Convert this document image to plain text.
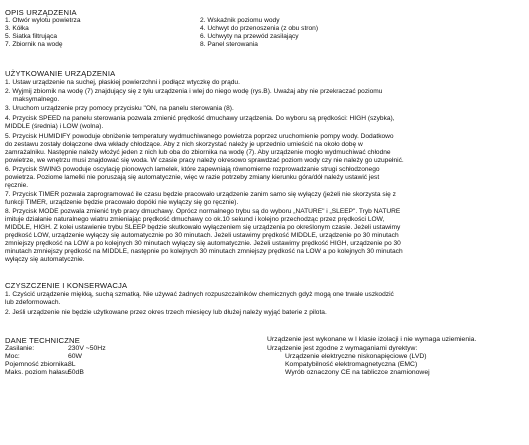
OPIS URZĄDZENIA
1. Otwór wylotu powietrza
3. Kółka
5. Siatka filtrująca
7. Zbiornik na wodę
2. Wskaźnik poziomu wody
4. Uchwyt do przenoszenia (z obu stron)
6. Uchwyty na przewód zasilający
8. Panel sterowania
UŻYTKOWANIE URZĄDZENIA
1. Ustaw urządzenie na suchej, płaskiej powierzchni i podłącz wtyczkę do prądu.
2. Wyjmij zbiornik na wodę (7) znajdujący się z tyłu urządzenia i wlej do niego wodę (rys.B). Uważaj aby nie przekraczać poziomu
maksymalnego.
3. Uruchom urządzenie przy pomocy przycisku "ON, na panelu sterowania (8).
4. Przycisk SPEED na panelu sterowania pozwala zmienić prędkość dmuchawy urządzenia. Do wyboru są prędkości: HIGH (szybka),
MIDDLE (średnia) i LOW (wolna).
5. Przycisk HUMIDIFY powoduje obniżenie temperatury wydmuchiwanego powietrza poprzez uruchomienie pompy wody. Dodatkowo
do zestawu zostały dołączone dwa wkłady chłodzące. Aby z nich skorzystać należy je uprzednio umieścić na około dobę w
zamrażalniku. Następnie należy włożyć jeden z nich lub oba do zbiornika na wodę (7). Aby urządzenie mogło wydmuchiwać chłodne
powietrze, we wnętrzu musi znajdować się woda. W czasie pracy należy okresowo sprawdzać poziom wody czy nie należy go uzupełnić.
6. Przycisk SWING powoduje oscylację pionowych lamelek, które zapewniają równomierne rozprowadzanie strugi schłodzonego
powietrza. Poziome lamelki nie poruszają się automatycznie, więc w razie potrzeby zmiany kierunku góra/dół należy ustawić jest
ręcznie.
7. Przycisk TIMER pozwala zaprogramować ile czasu będzie pracowało urządzenie zanim samo się wyłączy (jeżeli nie skorzysta się z
funkcji TIMER, urządzenie będzie pracowało dopóki nie wyłączy się go ręcznie).
8. Przycisk MODE pozwala zmienić tryb pracy dmuchawy. Oprócz normalnego trybu są do wyboru „NATURE" i „SLEEP". Tryb NATURE
imituje działanie naturalnego wiatru zmieniając prędkość dmuchawy co ok.10 sekund i kolejno przechodząc przez prędkości LOW,
MIDDLE, HIGH. Z kolei ustawienie trybu SLEEP będzie skutkowało wyłączeniem się urządzenia po określonym czasie. Jeżeli ustawimy
prędkość LOW, urządzenie wyłączy się automatycznie po 30 minutach. Jeżeli ustawimy prędkość MIDDLE, urządzenie po 30 minutach
zmniejszy prędkość na LOW a po kolejnych 30 minutach wyłączy się automatycznie. Jeżeli ustawimy prędkość HIGH, urządzenie po 30
minutach zmniejszy prędkość na MIDDLE, następnie po kolejnych 30 minutach zmniejszy prędkość na LOW a po kolejnych 30 minutach
wyłączy się automatycznie.
CZYSZCZENIE I KONSERWACJA
1. Czyścić urządzenie miękką, suchą szmatką. Nie używać żadnych rozpuszczalników chemicznych gdyż mogą one trwale uszkodzić
lub zdeformowach.
2. Jeśli urządzenie nie będzie użytkowane przez okres trzech miesięcy lub dłużej należy wyjąć baterie z pilota.
DANE TECHNICZNE
Zasilanie:	230V ~50Hz
Moc:	60W
Pojemność zbiornika:
8L
Maks. poziom hałasu:
50dB
Urządzenie jest wykonane w I klasie izolacji i nie wymaga uziemienia.
Urządzenie jest zgodne z wymaganiami dyrektyw:
Urządzenie elektryczne niskonapięciowe (LVD)
Kompatybilność elektromagnetyczna (EMC)
Wyrób oznaczony CE na tabliczce znamionowej
